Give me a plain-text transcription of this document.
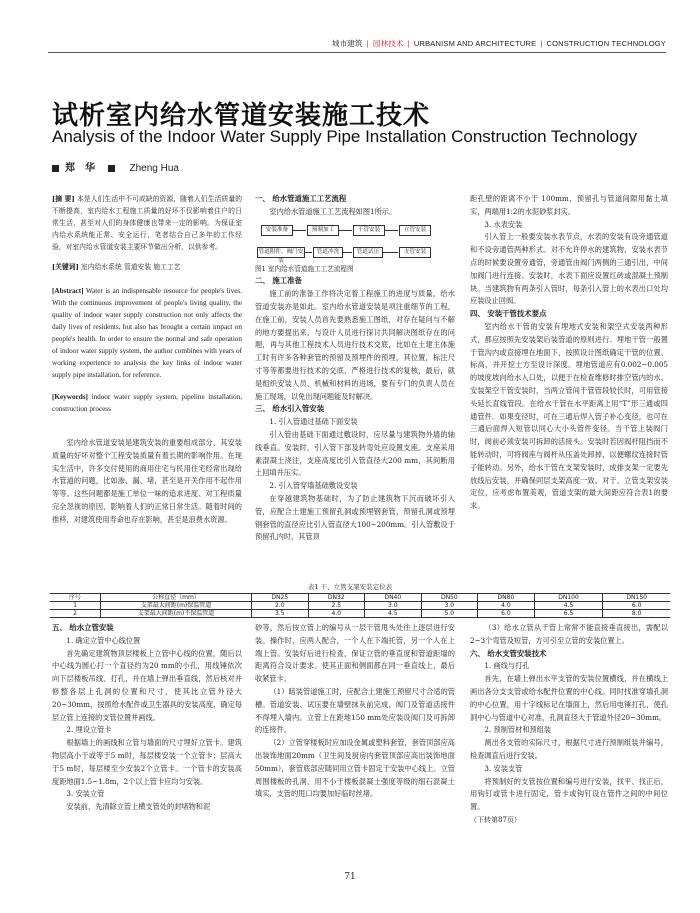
城市建筑 | 园林技术 | URBANISM AND ARCHITECTURE | CONSTRUCTION TECHNOLOGY
试析室内给水管道安装施工技术
Analysis of the Indoor Water Supply Pipe Installation Construction Technology
郑　华	Zheng Hua

[摘 要] 本是人们生活中不可或缺的资源，随着人们生活质量的不断提高，室内给水工程施工质量的好坏不仅影响着住户的日常生活，甚至对人们的身体健康也带来一定的影响。为保证室内给水系统能正常、安全运行，笔者结合自己多年的工作经验，对室内给水管道安装主要环节做出分析，以供参考。

[关键词] 室内给水系统 管道安装 施工工艺

[Abstract] Water is an indispensable resource for people's lives. With the continuous improvement of people's living quality, the quality of indoor water supply construction not only affects the daily lives of residents, but also has brought a certain impact on people's health. In order to ensure the normal and safe operation of indoor water supply system, the author combines with years of working experience to analysis the key links of indoor water supply pipe installation, for reference.

[Keywords] indoor water supply system, pipeline installation, construction process

室内给水管道安装是建筑安装的重要组成部分，其安装质量的好坏对整个工程安装质量有着长期的影响作用。在现实生活中，许多交付使用的商用住宅与民用住宅经常出现给水管道的问题，比如渗、漏、堵，甚至是开关作用不起作用等等。这些问题都是施工单位一味的追求进度、对工程质量完全忽视的原因，影响着人们的正常日常生活。随着时间的推移，对建筑使用寿命也存在影响，甚至是浪费水资源。

一、 给水管道施工工艺流程

室内给水管道施工工艺流程如图1所示。

安装准备	预制加工	干管安装	立管安装
管道附件、阀门安装
管道冲洗	管道试压	支管安装

图1 室内给水管道施工工艺流程图

二、 施工准备

施工前的准备工作将决定着工程施工的进度与质量，给水管道安装亦是如此。室内给水管道安装是项注重细节的工程，在施工前，安装人员首先要熟悉施工图纸，对存在疑问与不解的地方要提出来，与设计人员进行探讨共同解决图纸存在的问题，再与其他工程技术人员进行技术交底，比如在土建主体施工时有许多各种套管的预留及预埋件的预埋，其位置，标注尺寸等等都要进行技术的交底，严格进行技术的复核，最后，就是组织安装人员、机械和材料的进场，要有专门的负责人员在施工现场，以免出现问题能及时解决。

三、 给水引入管安装

1. 引入管通过基础下面安装

引入管由基础下面通过敷设时，应尽量与建筑物外墙的轴线垂直。安装时，引入管下部及转弯处应设置支座。支座采用素混凝土浇注，支座高度比引入管直径大200 mm，其间断用土回填并压实。

2. 引入管穿墙基础敷设安装

在穿越建筑物基础时，为了防止建筑物下沉而破坏引入管，应配合土建施工预留孔洞或预埋钢套管，预留孔洞或预埋钢套管的直径应比引入管直径大100~200mm。引入管敷设于预留孔内时，其管顶

距孔壁的距离不小于 100mm，预留孔与管道间隙用黏土填实，两端用1:2的水泥砂浆封实。

3. 水表安装

引入管上一般要安装水表节点，水表的安装有设旁通管道和不设旁通管两种形式。对不允许停水的建筑物，安装水表节点的时候要设置旁通管，旁通管由阀门两侧的三通引出，中间加阀门进行连接。安装时，水表下面应设置红砖或混凝土预制块。当建筑物有两条引入管时，每条引入管上的水表出口处均应装设止回阀。

四、 安装干管技术要点

室内给水干管的安装有埋地式安装和架空式安装两种形式，都应按照先安装架后装管道的原则进行。埋地干管一般置于管沟内或直接埋在地面下，按照设计图纸确定干管的位置、标高，并开挖土方至设计深度。埋地管道应有0.002~0.005的坡度坡向给水入口处，以便于在检查维修时排空管内的水。安装架空干管安装时，当两立管间干管管段较长时，可用管接头延长直线管段。在给水干管在水平距离上用“T”形三通或四通管件。如果变径时，可在三通后焊入管子补心变径，也可在三通后面焊入短管以同心大小头管件变径。当干管上装阀门时，阀前必须安装可拆卸的活接头。安装时若因阀杆阻挡而不能转动时，可将阀座与阀杆从压盖处卸掉，以便螺纹连接时管子能转动。另外，给水干管在支架安装时，成排支架一定要先放线后安装，并确保同层支架高度一致。对于、立管支架安装定位，应考虑布置美观，管道支架的最大间距应符合表1的要求。

表1 干、立管支架安装定位表
序号	公称直径（mm）	DN25	DN32	DN40	DN50	DN80	DN100	DN150
1	支架最大间距(m)保温管道	2.0	2.5	3.0	3.0	4.0	4.5	6.0
2	支架最大间距(m)不保温管道	3.5	4.0	4.5	5.0	6.0	6.5	8.0

五、 给水立管安装

1. 确定立管中心线位置

首先确定建筑物顶层楼板上立管中心线的位置，随后以中心线为圆心打一个直径约为20 mm的小孔，用线锤依次向下层楼板吊线、打孔，并在墙上弹出垂直线，然后核对并修整各层上孔洞的位置和尺寸，使其比立管外径大20~30mm，按照给水配件或卫生器具的安装高度，确定每层立管上连接的支管位置并画线。

2. 埋设立管卡

根据墙上的画线和立管与墙面的尺寸埋好立管卡。建筑物层高小于或等于5 m时，每层楼安装一个立管卡；层高大于5 m时，每层楼至少安装2个立管卡。一个管卡的安装高度距地面1.5~1.8m，2个以上管卡应均匀安装。

3. 安装立管

安装前，先清除立管上横支管处的封堵物和泥

砂等，然后按立管上的编号从一层干管甩头处往上逐层进行安装。操作时，应两人配合，一个人在下端托管，另一个人在上端上管。安装好后进行检查，保证立管的垂直度和管道距墙的距离符合设计要求。使其正面和侧面都在同一垂直线上，最后收紧管卡。

（1）暗装管道施工时，应配合土建施工预留尺寸合适的管槽。管道安装、试压要在墙壁抹灰前完成，阀门及管道活接件不得埋入墙内。立管上在距地150 mm处应装设阀门及可拆卸的连接件。

（2）立管穿楼板时应加设金属或塑料套管，套管顶部应高出装饰地面20mm（卫生间及厨房内套管顶部应高出装饰地面50mm），套管底部应随同用立管卡固定于安装中心线上。立管周围楼板的孔洞，用不小于楼板混凝土强度等级的细石混凝土填实，支管的甩口均要加好临时丝堵。

（3）给水立管从干管上常常不能直接垂直接出，需配以2~3个弯管及短管，方可引至立管的安装位置上。

六、 给水支管安装技术

1. 画线与打孔

首先，在墙上弹出水平支管的安装位置横线，并在横线上画出各分支支管或给水配件位置的中心线。同时找准穿墙孔洞的中心位置，用十字线标记在墙面上，然后用电锤打孔，使孔洞中心与管道中心对准，孔洞直径大于管道外径20~30mm。

2. 预制管材和预组装

测出各支管的实际尺寸，根据尺寸进行预制组装并编号，检查调直后进行安装。

3. 安装支管

将预制好的支管按位置和编号进行安装，找平、找正后，用钩钉或管卡进行固定，管卡或钩钉设在管件之间的中间位置。

（下转第87页）

71
